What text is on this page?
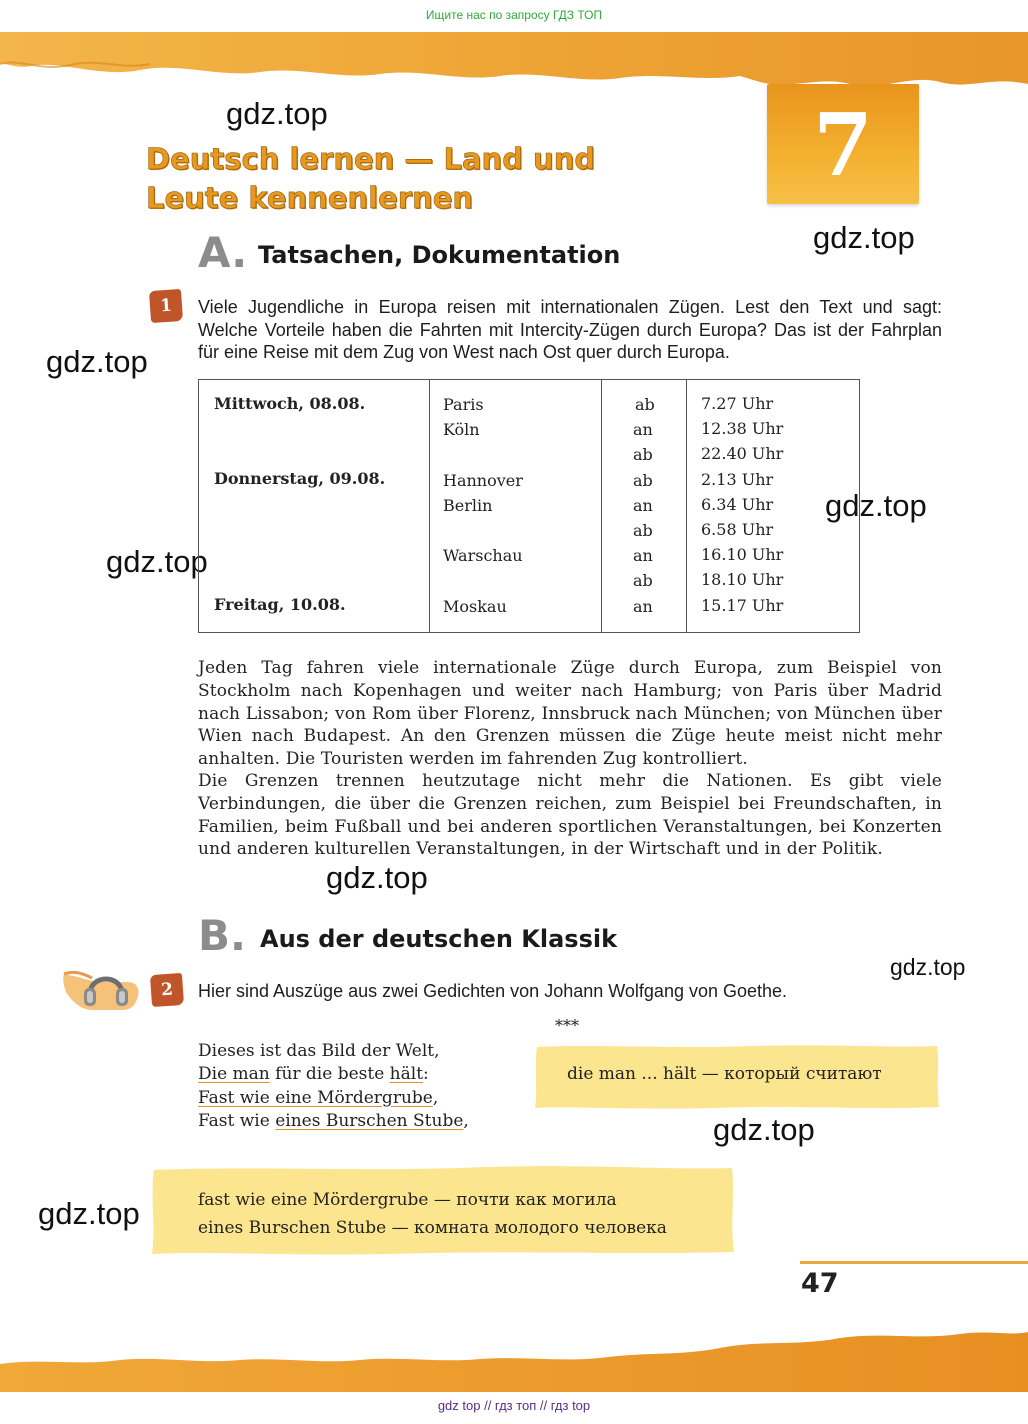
Ищите нас по запросу ГДЗ ТОП
7
Deutsch lernen — Land und
Leute kennenlernen
gdz.top
gdz.top
gdz.top
gdz.top
gdz.top
gdz.top
gdz.top
gdz.top
gdz.top
A. Tatsachen, Dokumentation
1	Viele Jugendliche in Europa reisen mit internationalen Zügen. Lest den Text und sagt: Welche Vorteile haben die Fahrten mit Intercity-Zügen durch Europa? Das ist der Fahrplan für eine Reise mit dem Zug von West nach Ost quer durch Europa.
Mittwoch, 08.08.
Donnerstag, 09.08.
Freitag, 10.08.
Paris
Köln
Hannover
Berlin
Warschau
Moskau
ab
an
ab
ab
an
ab
an
ab
an
7.27 Uhr
12.38 Uhr
22.40 Uhr
2.13 Uhr
6.34 Uhr
6.58 Uhr
16.10 Uhr
18.10 Uhr
15.17 Uhr
Jeden Tag fahren viele internationale Züge durch Europa, zum Beispiel von Stockholm nach Kopenhagen und weiter nach Hamburg; von Paris über Madrid nach Lissabon; von Rom über Florenz, Innsbruck nach München; von München über Wien nach Budapest. An den Grenzen müssen die Züge heute meist nicht mehr anhalten. Die Touristen werden im fahrenden Zug kontrolliert.
Die Grenzen trennen heutzutage nicht mehr die Nationen. Es gibt viele Verbindungen, die über die Grenzen reichen, zum Beispiel bei Freundschaften, in Familien, beim Fußball und bei anderen sportlichen Veranstaltungen, bei Konzerten und anderen kulturellen Veranstaltungen, in der Wirtschaft und in der Politik.
B. Aus der deutschen Klassik
2	Hier sind Auszüge aus zwei Gedichten von Johann Wolfgang von Goethe.
***
Dieses ist das Bild der Welt,
Die man für die beste hält:
Fast wie eine Mördergrube,
Fast wie eines Burschen Stube,
die man ... hält — который считают
fast wie eine Mördergrube — почти как могила
eines Burschen Stube — комната молодого человека
47
gdz top // гдз топ // гдз top
